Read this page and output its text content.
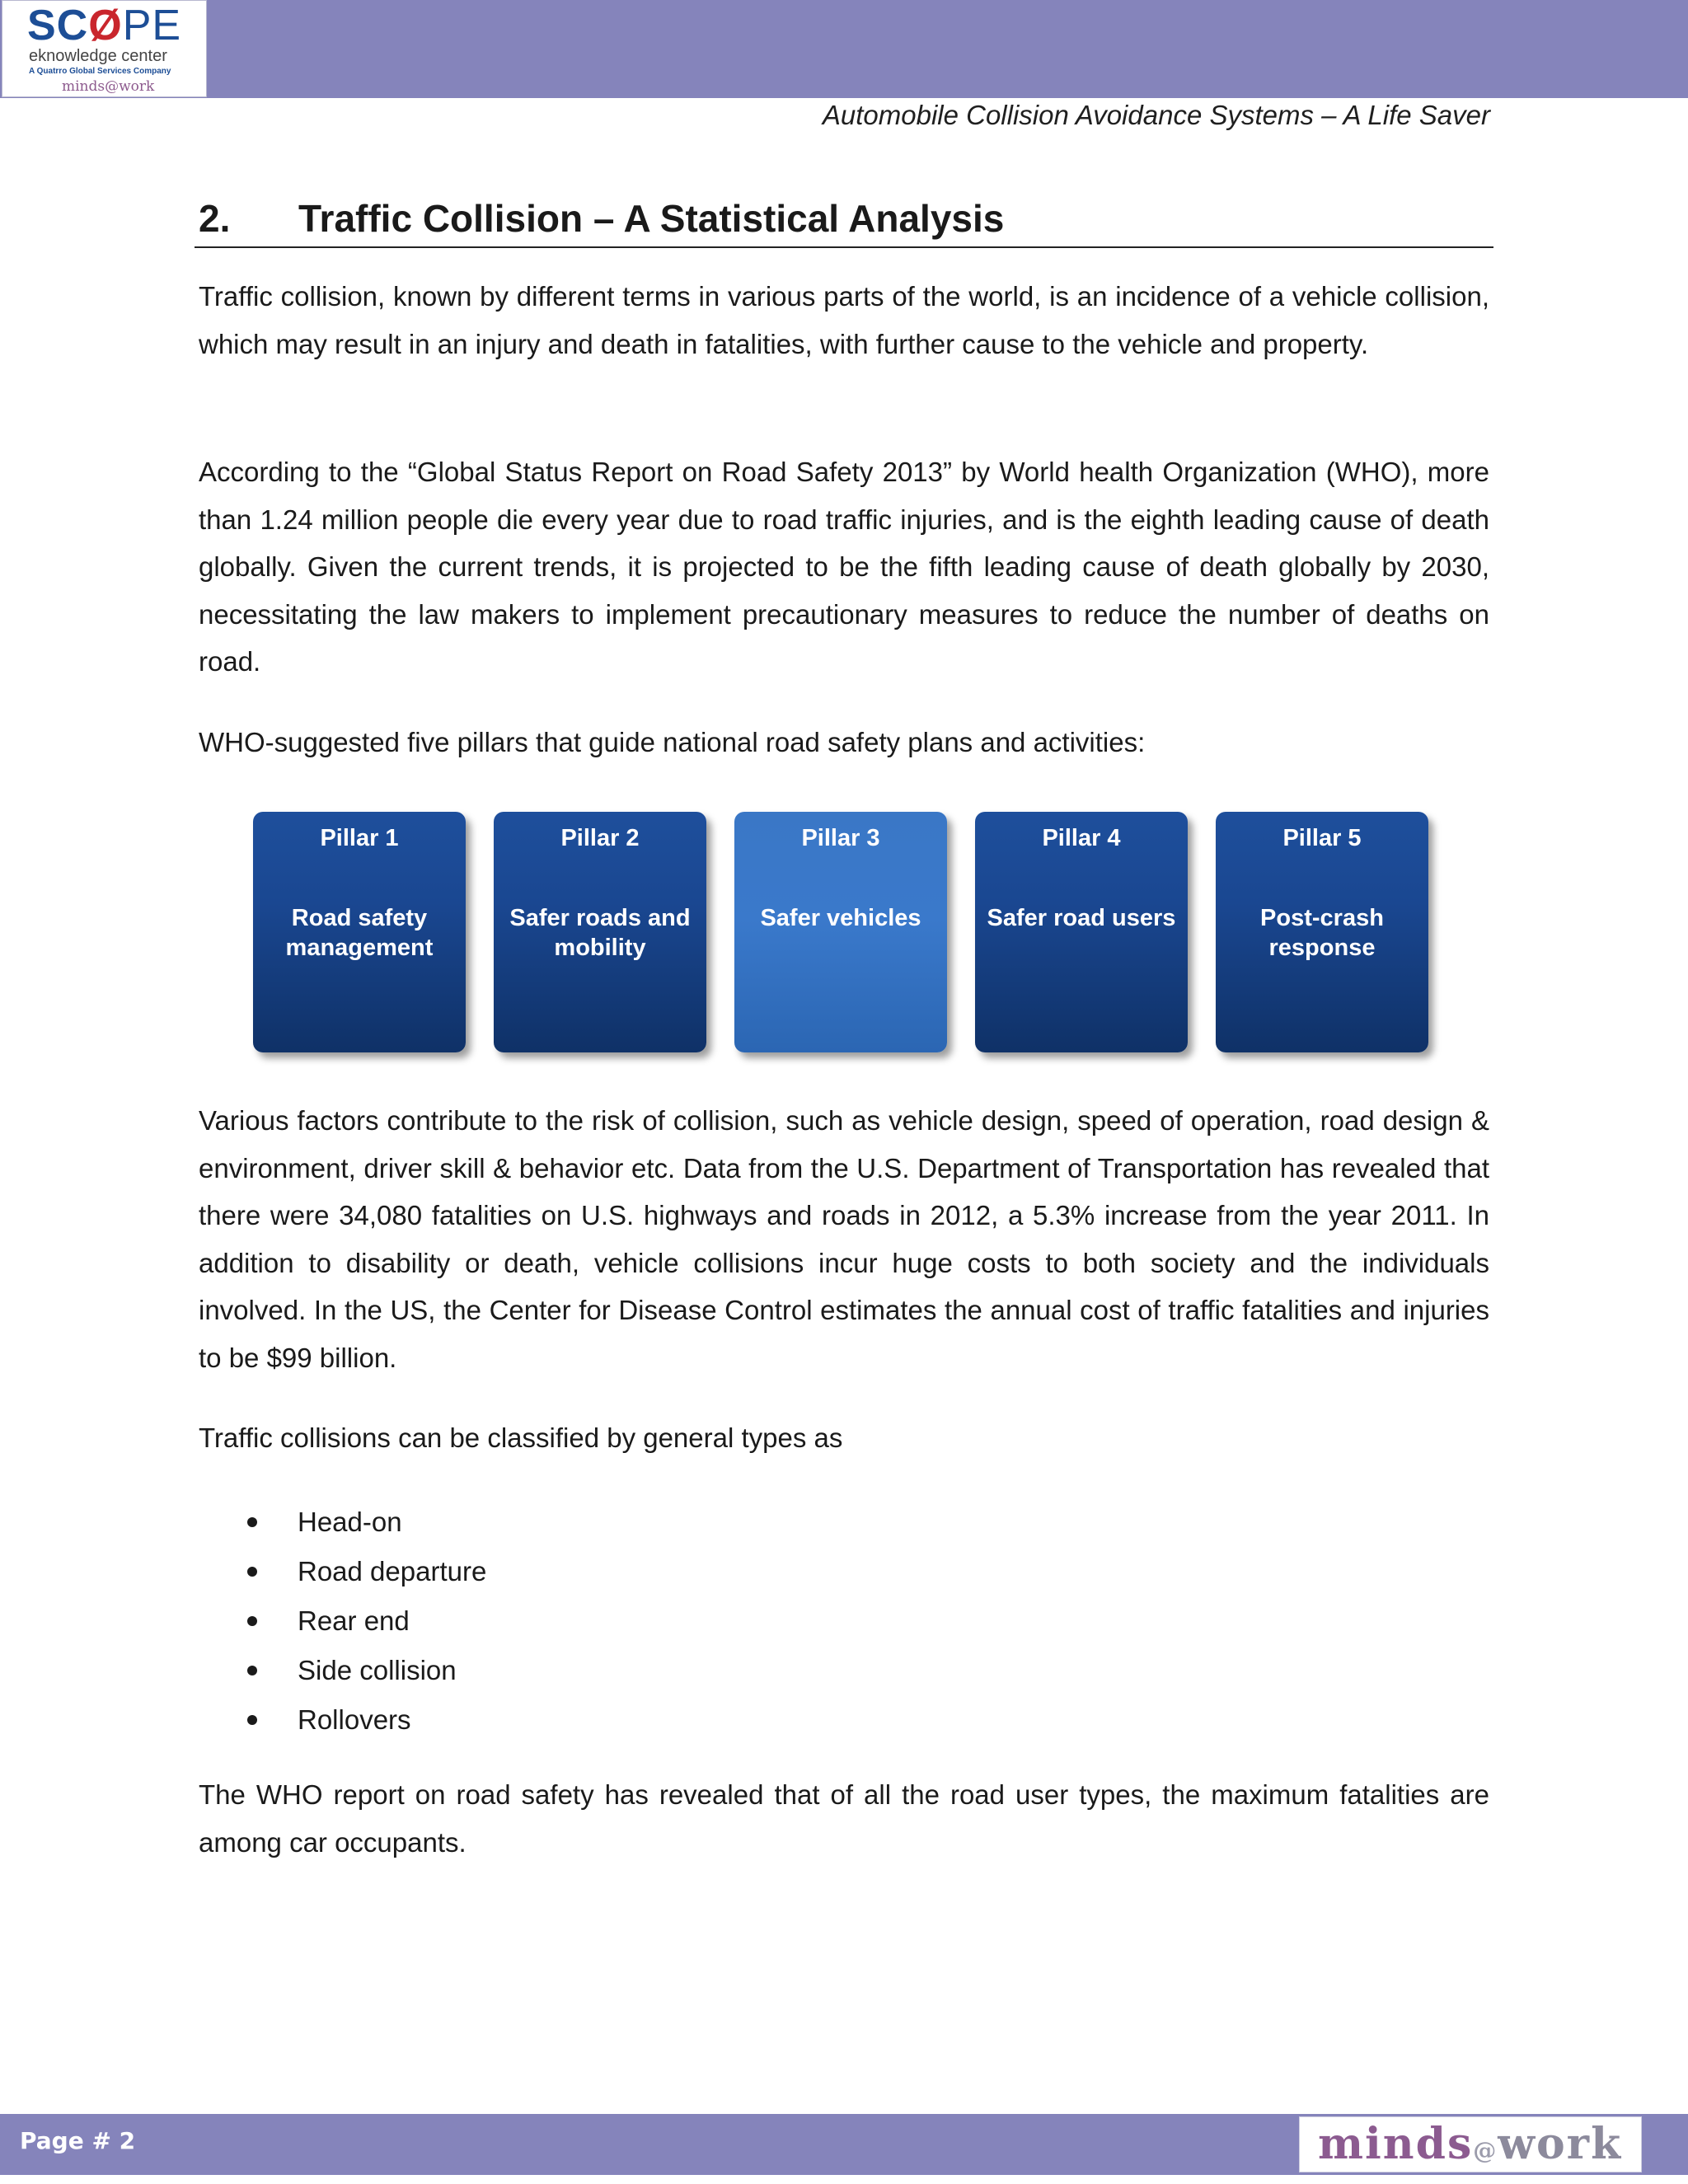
SCØPE
eknowledge center
A Quatrro Global Services Company
minds@work
Automobile Collision Avoidance Systems – A Life Saver
2. Traffic Collision – A Statistical Analysis

Traffic collision, known by different terms in various parts of the world, is an incidence of a vehicle collision, which may result in an injury and death in fatalities, with further cause to the vehicle and property.

According to the “Global Status Report on Road Safety 2013” by World health Organization (WHO), more than 1.24 million people die every year due to road traffic injuries, and is the eighth leading cause of death globally. Given the current trends, it is projected to be the fifth leading cause of death globally by 2030, necessitating the law makers to implement precautionary measures to reduce the number of deaths on road.

WHO-suggested five pillars that guide national road safety plans and activities:

Pillar 1
Road safety management
Pillar 2
Safer roads and mobility
Pillar 3
Safer vehicles
Pillar 4
Safer road users
Pillar 5
Post-crash response

Various factors contribute to the risk of collision, such as vehicle design, speed of operation, road design & environment, driver skill & behavior etc. Data from the U.S. Department of Transportation has revealed that there were 34,080 fatalities on U.S. highways and roads in 2012, a 5.3% increase from the year 2011. In addition to disability or death, vehicle collisions incur huge costs to both society and the individuals involved. In the US, the Center for Disease Control estimates the annual cost of traffic fatalities and injuries to be $99 billion.

Traffic collisions can be classified by general types as

Head-on
Road departure
Rear end
Side collision
Rollovers

The WHO report on road safety has revealed that of all the road user types, the maximum fatalities are among car occupants.

Page # 2	minds@work
